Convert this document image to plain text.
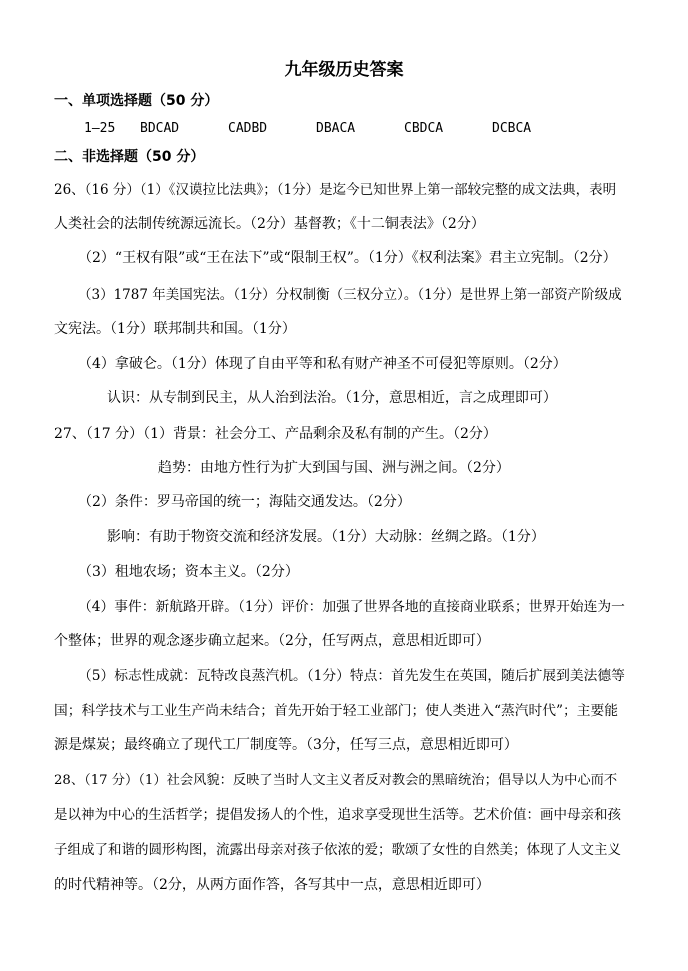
九年级历史答案
一、单项选择题（50 分）
1—25 BDCAD	CADBD	DBACA	CBDCA	DCBCA
二、非选择题（50 分）
26、（16 分）（1）《汉谟拉比法典》；（1分）是迄今已知世界上第一部较完整的成文法典，表明
人类社会的法制传统源远流长。（2分）基督教；《十二铜表法》（2分）
（2）“王权有限”或“王在法下”或“限制王权”。（1分）《权利法案》君主立宪制。（2分）
（3）1787 年美国宪法。（1分）分权制衡（三权分立）。（1分）是世界上第一部资产阶级成
文宪法。（1分）联邦制共和国。（1分）
（4）拿破仑。（1分）体现了自由平等和私有财产神圣不可侵犯等原则。（2分）
认识：从专制到民主，从人治到法治。（1分，意思相近，言之成理即可）
27、（17 分）（1）背景：社会分工、产品剩余及私有制的产生。（2分）
趋势：由地方性行为扩大到国与国、洲与洲之间。（2分）
（2）条件：罗马帝国的统一；海陆交通发达。（2分）
影响：有助于物资交流和经济发展。（1分）大动脉：丝绸之路。（1分）
（3）租地农场；资本主义。（2分）
（4）事件：新航路开辟。（1分）评价：加强了世界各地的直接商业联系；世界开始连为一
个整体；世界的观念逐步确立起来。（2分，任写两点，意思相近即可）
（5）标志性成就：瓦特改良蒸汽机。（1分）特点：首先发生在英国，随后扩展到美法德等
国；科学技术与工业生产尚未结合；首先开始于轻工业部门；使人类进入“蒸汽时代”；主要能
源是煤炭；最终确立了现代工厂制度等。（3分，任写三点，意思相近即可）
28、（17 分）（1）社会风貌：反映了当时人文主义者反对教会的黑暗统治；倡导以人为中心而不
是以神为中心的生活哲学；提倡发扬人的个性，追求享受现世生活等。艺术价值：画中母亲和孩
子组成了和谐的圆形构图，流露出母亲对孩子依浓的爱；歌颂了女性的自然美；体现了人文主义
的时代精神等。（2分，从两方面作答，各写其中一点，意思相近即可）
